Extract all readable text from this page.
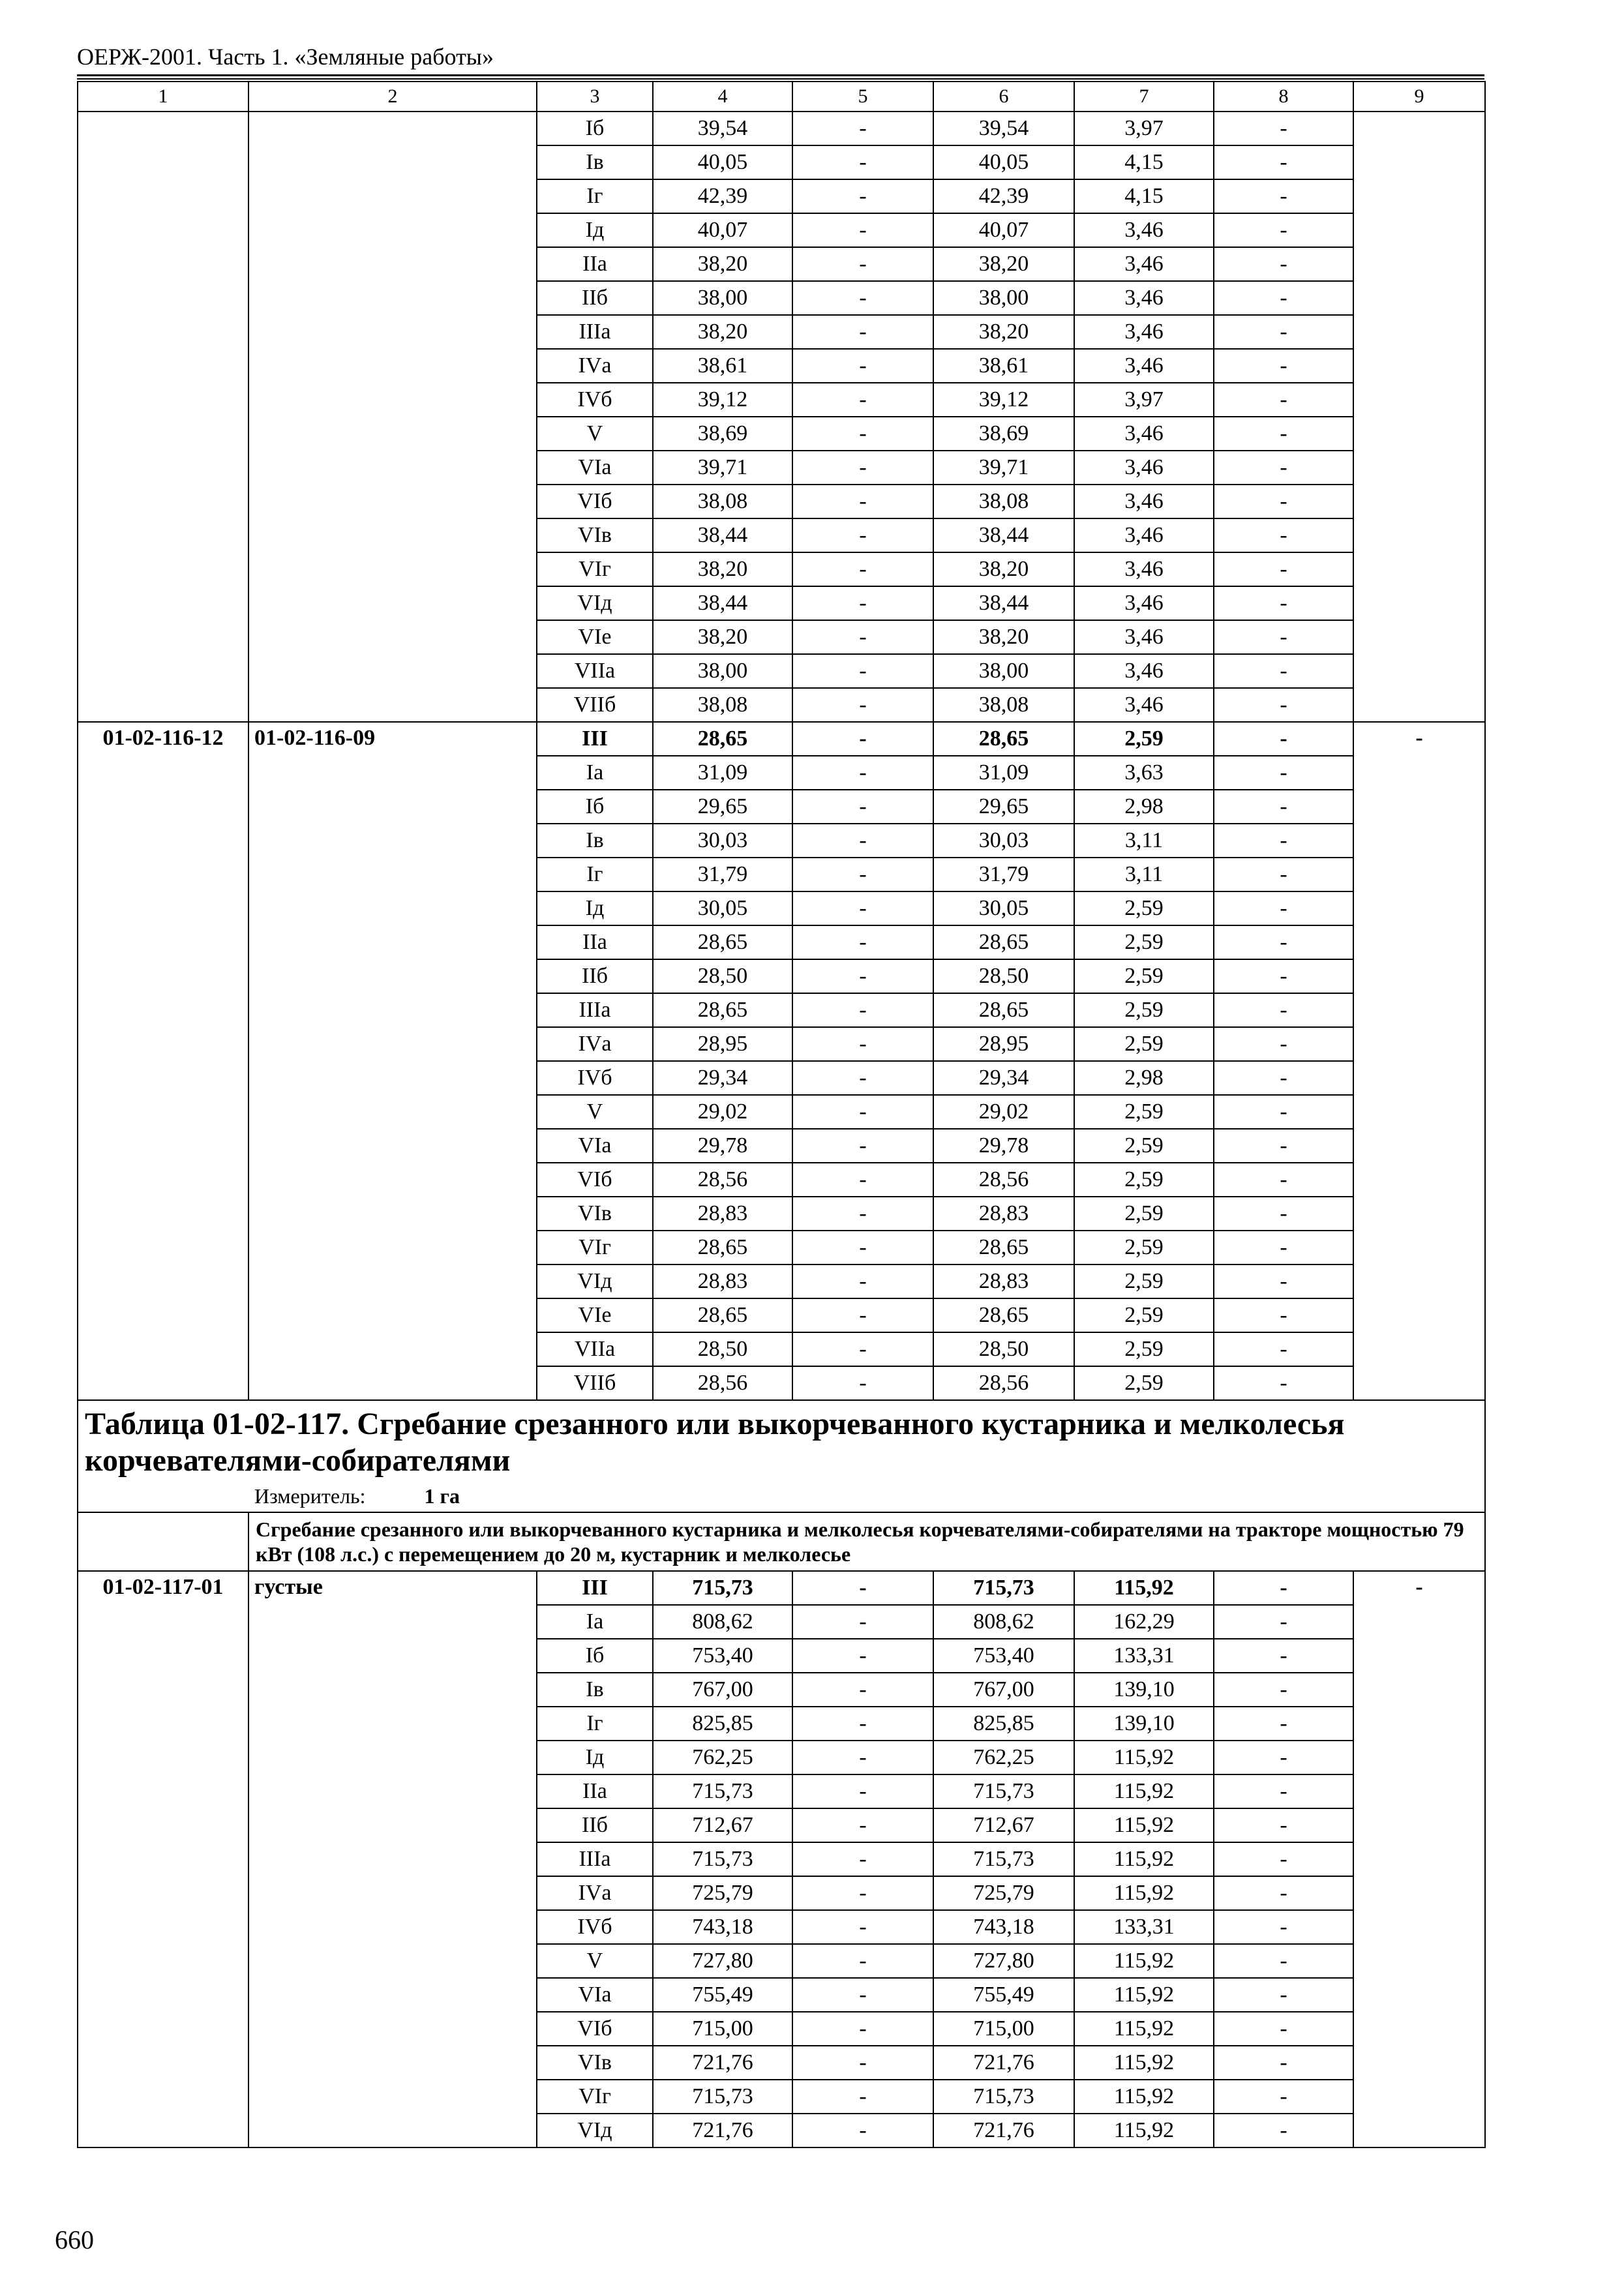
ОЕРЖ-2001. Часть 1. «Земляные работы»
1	2	3	4	5	6	7	8	9
		Iб	39,54	-	39,54	3,97	-	
		Iв	40,05	-	40,05	4,15	-	
		Iг	42,39	-	42,39	4,15	-	
		Iд	40,07	-	40,07	3,46	-	
		IIа	38,20	-	38,20	3,46	-	
		IIб	38,00	-	38,00	3,46	-	
		IIIа	38,20	-	38,20	3,46	-	
		IVа	38,61	-	38,61	3,46	-	
		IVб	39,12	-	39,12	3,97	-	
		V	38,69	-	38,69	3,46	-	
		VIа	39,71	-	39,71	3,46	-	
		VIб	38,08	-	38,08	3,46	-	
		VIв	38,44	-	38,44	3,46	-	
		VIг	38,20	-	38,20	3,46	-	
		VIд	38,44	-	38,44	3,46	-	
		VIе	38,20	-	38,20	3,46	-	
		VIIа	38,00	-	38,00	3,46	-	
		VIIб	38,08	-	38,08	3,46	-	
01-02-116-12	01-02-116-09	III	28,65	-	28,65	2,59	-	-
		Iа	31,09	-	31,09	3,63	-	
		Iб	29,65	-	29,65	2,98	-	
		Iв	30,03	-	30,03	3,11	-	
		Iг	31,79	-	31,79	3,11	-	
		Iд	30,05	-	30,05	2,59	-	
		IIа	28,65	-	28,65	2,59	-	
		IIб	28,50	-	28,50	2,59	-	
		IIIа	28,65	-	28,65	2,59	-	
		IVа	28,95	-	28,95	2,59	-	
		IVб	29,34	-	29,34	2,98	-	
		V	29,02	-	29,02	2,59	-	
		VIа	29,78	-	29,78	2,59	-	
		VIб	28,56	-	28,56	2,59	-	
		VIв	28,83	-	28,83	2,59	-	
		VIг	28,65	-	28,65	2,59	-	
		VIд	28,83	-	28,83	2,59	-	
		VIе	28,65	-	28,65	2,59	-	
		VIIа	28,50	-	28,50	2,59	-	
		VIIб	28,56	-	28,56	2,59	-	

Таблица 01-02-117. Сгребание срезанного или выкорчеванного кустарника и мелколесья корчевателями-собирателями
Измеритель: 1 га								

	Сгребание срезанного или выкорчеванного кустарника и мелколесья корчевателями-собирателями на тракторе мощностью 79 кВт (108 л.с.) с перемещением до 20 м, кустарник и мелколесье							
01-02-117-01	густые	III	715,73	-	715,73	115,92	-	-
		Iа	808,62	-	808,62	162,29	-	
		Iб	753,40	-	753,40	133,31	-	
		Iв	767,00	-	767,00	139,10	-	
		Iг	825,85	-	825,85	139,10	-	
		Iд	762,25	-	762,25	115,92	-	
		IIа	715,73	-	715,73	115,92	-	
		IIб	712,67	-	712,67	115,92	-	
		IIIа	715,73	-	715,73	115,92	-	
		IVа	725,79	-	725,79	115,92	-	
		IVб	743,18	-	743,18	133,31	-	
		V	727,80	-	727,80	115,92	-	
		VIа	755,49	-	755,49	115,92	-	
		VIб	715,00	-	715,00	115,92	-	
		VIв	721,76	-	721,76	115,92	-	
		VIг	715,73	-	715,73	115,92	-	
		VIд	721,76	-	721,76	115,92	-	
660
